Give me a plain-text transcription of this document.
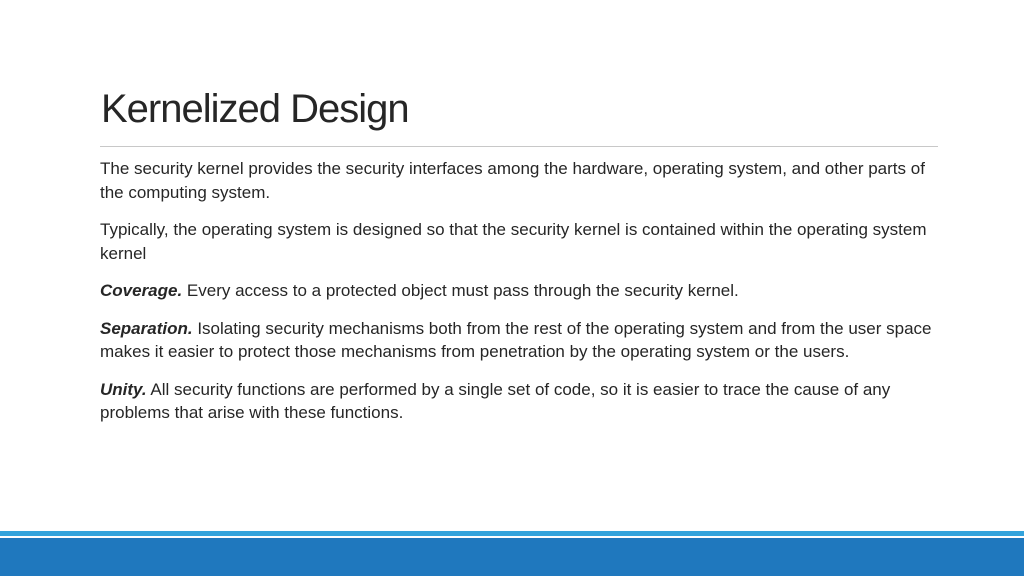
Kernelized Design

The security kernel provides the security interfaces among the hardware, operating system, and other parts of the computing system.

Typically, the operating system is designed so that the security kernel is contained within the operating system kernel

Coverage. Every access to a protected object must pass through the security kernel.

Separation. Isolating security mechanisms both from the rest of the operating system and from the user space makes it easier to protect those mechanisms from penetration by the operating system or the users.

Unity. All security functions are performed by a single set of code, so it is easier to trace the cause of any problems that arise with these functions.
